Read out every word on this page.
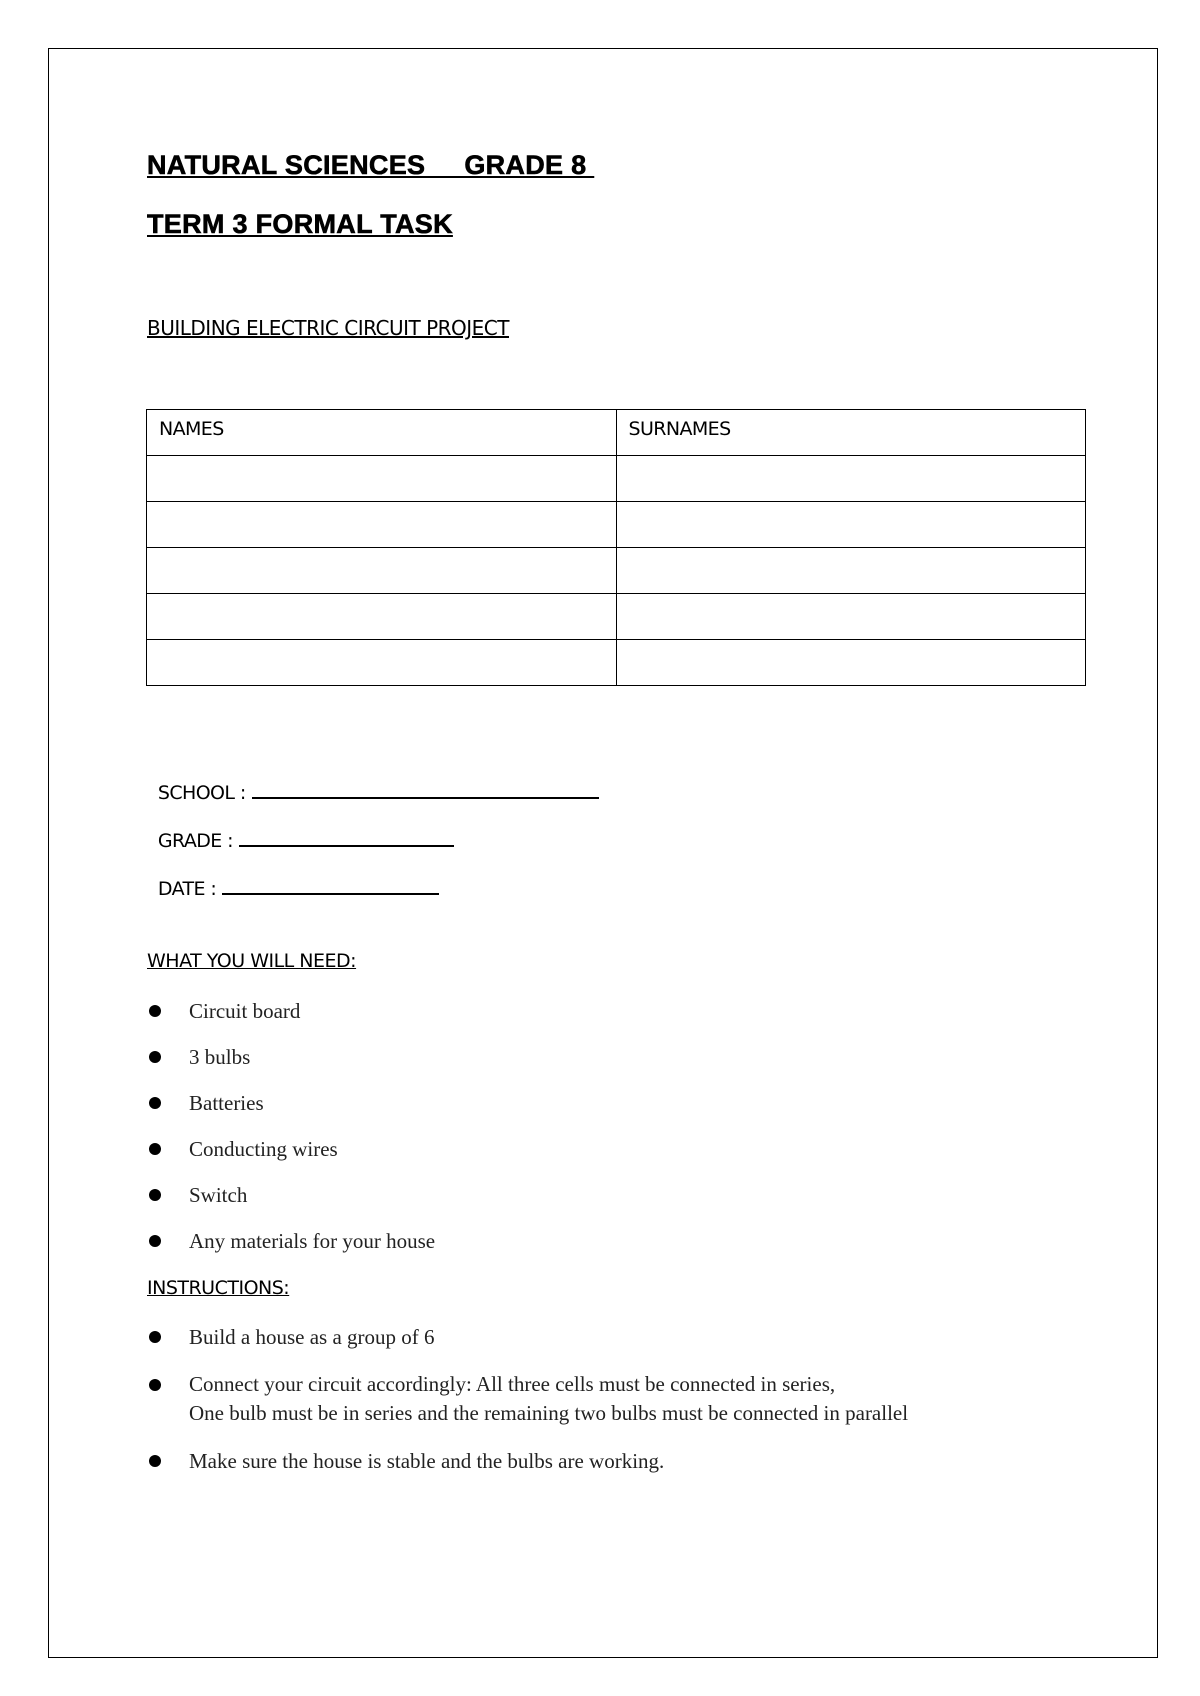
NATURAL SCIENCES     GRADE 8
TERM 3 FORMAL TASK
BUILDING ELECTRIC CIRCUIT PROJECT
NAMES	SURNAMES

SCHOOL :

GRADE :

DATE :

WHAT YOU WILL NEED:
Circuit board
3 bulbs
Batteries
Conducting wires
Switch
Any materials for your house
INSTRUCTIONS:
Build a house as a group of 6
Connect your circuit accordingly: All three cells must be connected in series,
One bulb must be in series and the remaining two bulbs must be connected in parallel
Make sure the house is stable and the bulbs are working.
